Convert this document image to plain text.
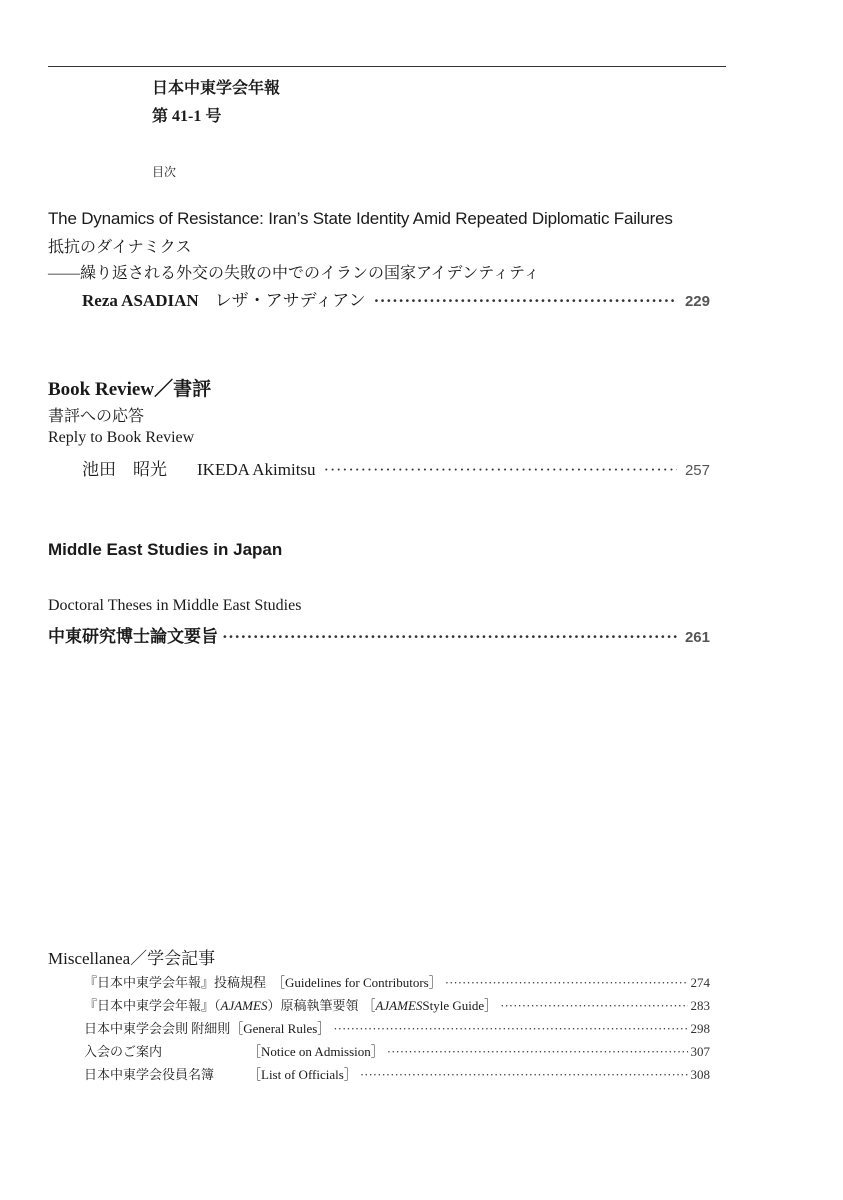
日本中東学会年報
第 41-1 号
目次
The Dynamics of Resistance: Iran’s State Identity Amid Repeated Diplomatic Failures
抵抗のダイナミクス
――繰り返される外交の失敗の中でのイランの国家アイデンティティ
Reza ASADIAN レザ・アサディアン ·····	229
Book Review／書評
書評への応答
Reply to Book Review
池田　昭光 IKEDA Akimitsu ·····	257
Middle East Studies in Japan
Doctoral Theses in Middle East Studies
中東研究博士論文要旨 ·····	261
Miscellanea／学会記事
『日本中東学会年報』投稿規程 ［Guidelines for Contributors］ ·····	274
『日本中東学会年報』（ AJAMES ）原稿執筆要領 ［ AJAMES Style Guide］ ·····	283
日本中東学会会則 附細則 ［General Rules］ ·····	298
入会のご案内	［Notice on Admission］ ·····	307
日本中東学会役員名簿	［List of Officials］ ·····	308
